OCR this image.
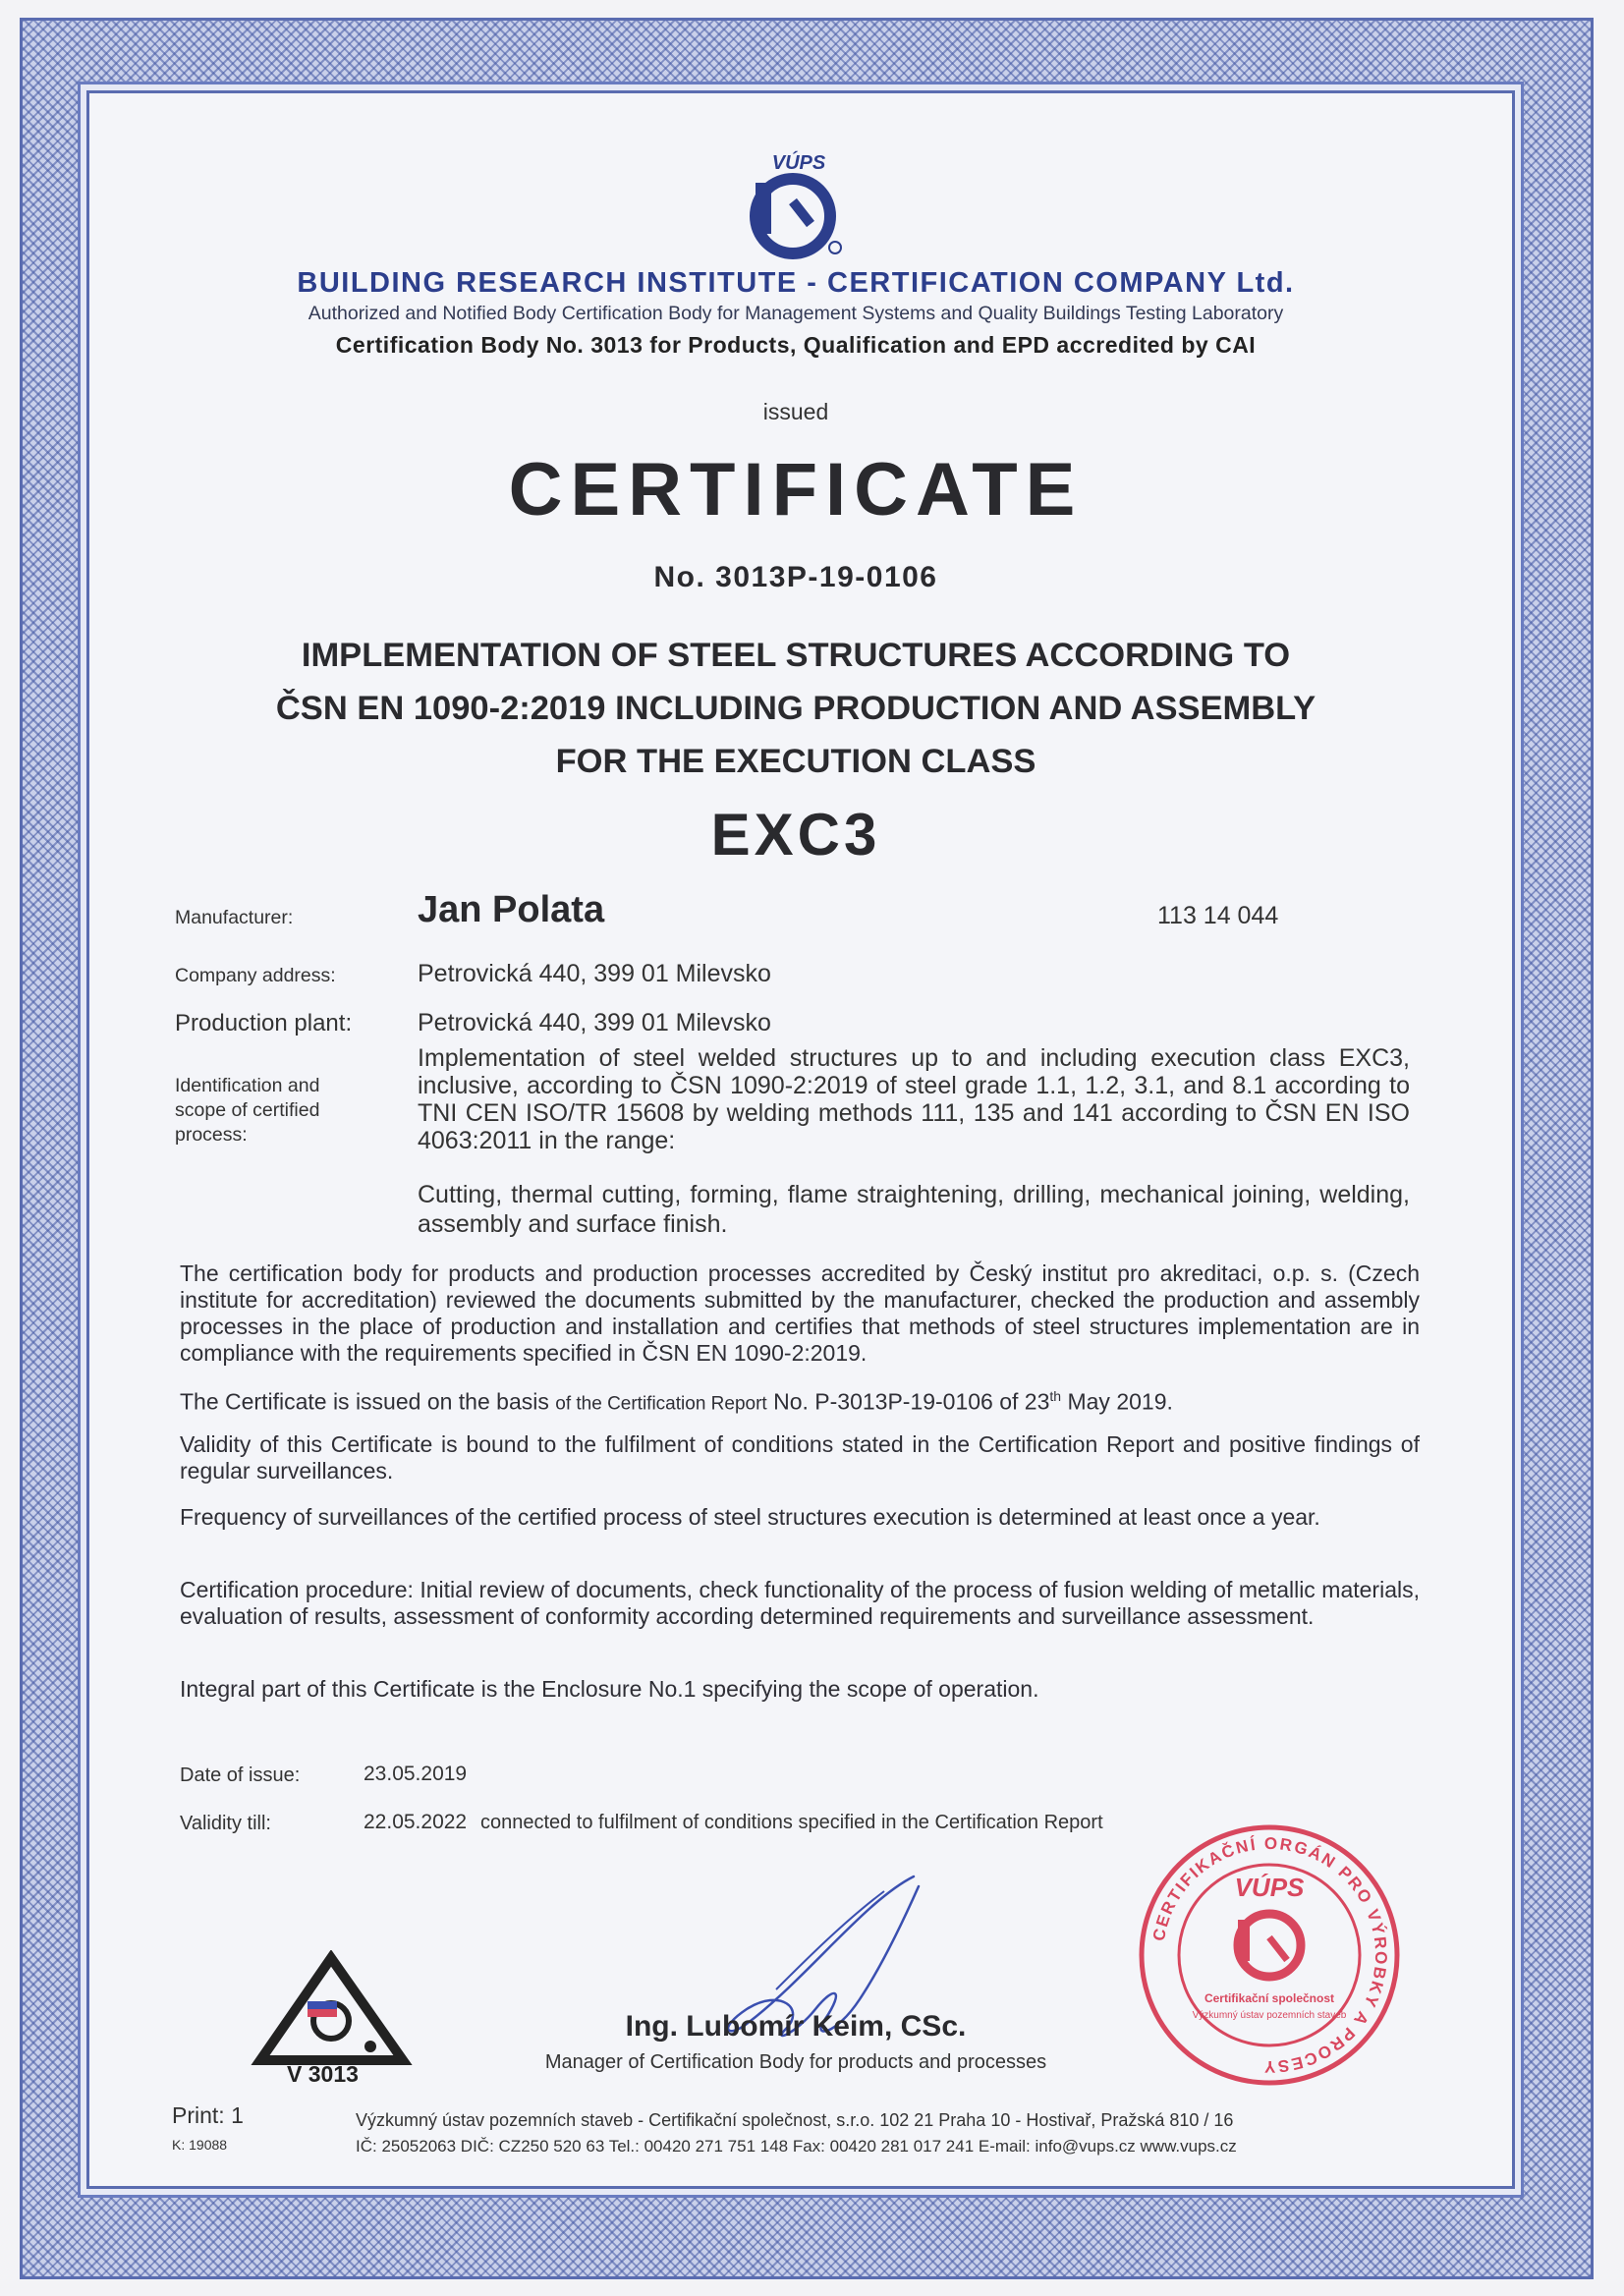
VÚPS
BUILDING RESEARCH INSTITUTE - CERTIFICATION COMPANY Ltd.
Authorized and Notified Body Certification Body for Management Systems and Quality Buildings Testing Laboratory
Certification Body No. 3013 for Products, Qualification and EPD accredited by CAI
issued
CERTIFICATE
No. 3013P-19-0106
IMPLEMENTATION OF STEEL STRUCTURES ACCORDING TO
ČSN EN 1090-2:2019 INCLUDING PRODUCTION AND ASSEMBLY
FOR THE EXECUTION CLASS
EXC3
Manufacturer:	Jan Polata	113 14 044
Company address:	Petrovická 440, 399 01 Milevsko
Production plant:	Petrovická 440, 399 01 Milevsko
Identification and
scope of certified
process:
Implementation of steel welded structures up to and including execution class EXC3, inclusive, according to ČSN 1090-2:2019 of steel grade 1.1, 1.2, 3.1, and 8.1 according to TNI CEN ISO/TR 15608 by welding methods 111, 135 and 141 according to ČSN EN ISO 4063:2011 in the range:
Cutting, thermal cutting, forming, flame straightening, drilling, mechanical joining, welding, assembly and surface finish.
The certification body for products and production processes accredited by Český institut pro akreditaci, o.p. s. (Czech institute for accreditation) reviewed the documents submitted by the manufacturer, checked the production and assembly processes in the place of production and installation and certifies that methods of steel structures implementation are in compliance with the requirements specified in ČSN EN 1090-2:2019.
The Certificate is issued on the basis of the Certification Report No. P-3013P-19-0106 of 23th May 2019.
Validity of this Certificate is bound to the fulfilment of conditions stated in the Certification Report and positive findings of regular surveillances.
Frequency of surveillances of the certified process of steel structures execution is determined at least once a year.
Certification procedure: Initial review of documents, check functionality of the process of fusion welding of metallic materials, evaluation of results, assessment of conformity according determined requirements and surveillance assessment.
Integral part of this Certificate is the Enclosure No.1 specifying the scope of operation.
Date of issue:	23.05.2019
Validity till:	22.05.2022 connected to fulfilment of conditions specified in the Certification Report
Ing. Lubomír Keim, CSc.
Manager of Certification Body for products and processes
V 3013
CERTIFIKAČNÍ ORGÁN PRO VÝROBKY A PROCESY
VÚPS
Certifikační společnost
Výzkumný ústav pozemních staveb
Print: 1
K: 19088
Výzkumný ústav pozemních staveb - Certifikační společnost, s.r.o. 102 21 Praha 10 - Hostivař, Pražská 810 / 16
IČ: 25052063 DIČ: CZ250 520 63 Tel.: 00420 271 751 148 Fax: 00420 281 017 241 E-mail: info@vups.cz www.vups.cz
